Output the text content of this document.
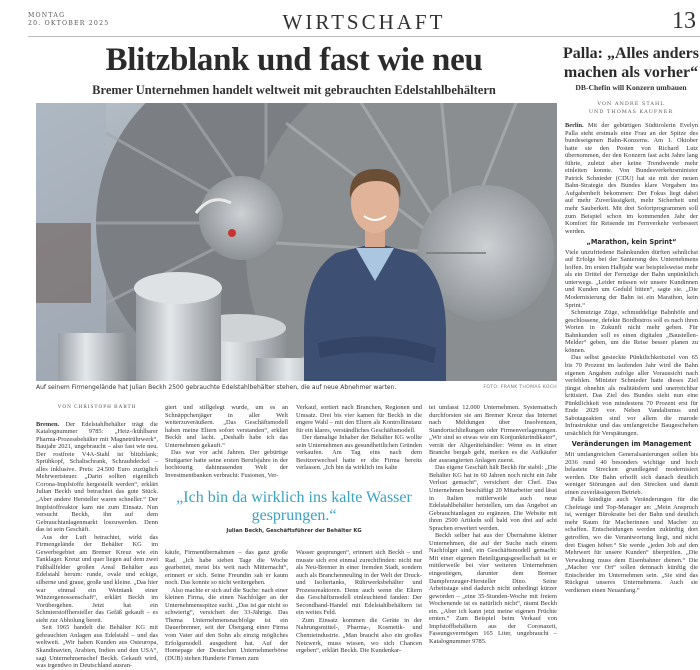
MONTAG
20. OKTOBER 2025	WIRTSCHAFT	13
Blitzblank und fast wie neu
Bremer Unternehmen handelt weltweit mit gebrauchten Edelstahlbehältern
Auf seinem Firmengelände hat Julian Beckh 2500 gebrauchte Edelstahlbehälter stehen, die auf neue Abnehmer warten.	FOTO: FRANK THOMAS KOCH
VON CHRISTOPH BARTH

Bremen. Der Edelstahlbehälter trägt die Katalognummer 9785: „Heiz-/kühlbarer Pharma-Prozessbehälter mit Magnetrührwerk“, Baujahr 2021, ungebraucht – also fast wie neu. Der rostfreie V4A-Stahl ist blitzblank; Sprühkopf, Schaltschrank, Schraubdeckel – alles inklusive. Preis: 24.500 Euro zuzüglich Mehrwertsteuer. „Darin sollten eigentlich Corona-Impfstoffe hergestellt werden“, erklärt Julian Beckh und betrachtet das gute Stück. „Aber andere Hersteller waren schneller.“ Der Impfstoffreaktor kam nie zum Einsatz. Nun versucht Beckh, ihn auf dem Gebrauchtanlagenmarkt loszuwerden. Denn das ist sein Geschäft.

Aus der Luft betrachtet, wirkt das Firmengelände der Behälter KG im Gewerbegebiet am Bremer Kreuz wie ein Tanklager. Kreuz und quer liegen auf dem zwei Fußballfelder großen Areal Behälter aus Edelstahl herum: runde, ovale und eckige, silberne und graue, große und kleine. „Das hier war einmal ein Weintank einer Winzergenossenschaft“, erklärt Beckh im Vorübergehen. Jetzt hat ein Schmierstoffhersteller das Gefäß gekauft – es steht zur Abholung bereit.

Seit 1965 handelt die Behälter KG mit gebrauchten Anlagen aus Edelstahl – und das weltweit. „Wir haben Kunden aus Osteuropa, Skandinavien, Arabien, Indien und den USA“, sagt Unternehmenschef Beckh. Gekauft wird, was irgendwo in Deutschland ausran-

giert und stillgelegt wurde, um es an Schnäppchenjäger in aller Welt weiterzuveräußern. „Das Geschäftsmodell haben meine Eltern sofort verstanden“, erklärt Beckh und lacht. „Deshalb habe ich das Unternehmen gekauft.“

Das war vor acht Jahren. Der gebürtige Stuttgarter hatte seine ersten Berufsjahre in der hochtourig dahinrasenden Welt der Investmentbanken verbracht: Fusionen, Ver-

Verkauf, sortiert nach Branchen, Regionen und Umsatz. Drei bis vier kamen für Beckh in die engere Wahl – mit den Eltern als Kontrollinstanz für ein klares, verständliches Geschäftsmodell.

Der damalige Inhaber der Behälter KG wollte sein Unternehmen aus gesundheitlichen Gründen verkaufen. Am Tag eins nach dem Besitzerwechsel hatte er die Firma bereits verlassen. „Ich bin da wirklich ins kalte

„Ich bin da wirklich ins kalte Wasser gesprungen.“
Julian Beckh, Geschäftsführer der Behälter KG

käufe, Firmenübernahmen – das ganz große Rad. „Ich habe sieben Tage die Woche gearbeitet, meist bis weit nach Mitternacht“, erinnert er sich. Seine Freundin sah er kaum noch. Das konnte so nicht weitergehen.

Also machte er sich auf die Suche: nach einer kleinen Firma, die einen Nachfolger an der Unternehmensspitze sucht. „Das ist gar nicht so schwierig“, versichert der 33-Jährige. Das Thema Unternehmensnachfolge ist ein Dauerbrenner, seit der Übergang einer Firma vom Vater auf den Sohn als einzig mögliches Erfolgsmodell ausgedient hat. Auf der Homepage der Deutschen Unternehmerbörse (DUB) stehen Hunderte Firmen zum

Wasser gesprungen“, erinnert sich Beckh – und musste sich erst einmal zurechtfinden: nicht nur als Neu-Bremer in einer fremden Stadt, sondern auch als Branchenneuling in der Welt der Druck- und Isoliertanks, Rührwerksbehälter und Prozessreaktoren. Denn auch wenn die Eltern das Geschäftsmodell einleuchtend fanden: Der Secondhand-Handel mit Edelstahlbehältern ist ein weites Feld.

Zum Einsatz kommen die Geräte in der Nahrungsmittel-, Pharma-, Kosmetik- und Chemieindustrie. „Man braucht also ein großes Netzwerk, muss wissen, wo sich Chancen ergeben“, erklärt Beckh. Die Kundenkar-

tei umfasst 12.000 Unternehmen. Systematisch durchforsten sie am Bremer Kreuz das Internet nach Meldungen über Insolvenzen, Standortschließungen oder Firmenverlagerungen. „Wir sind so etwas wie ein Konjunkturindikator“, verrät der Altgerätehändler: Wenn es in einer Branche bergab geht, merken es die Aufkäufer der ausrangierten Anlagen zuerst.

Das eigene Geschäft hält Beckh für stabil: „Die Behälter KG hat in 60 Jahren noch nicht ein Jahr Verlust gemacht“, versichert der Chef. Das Unternehmen beschäftigt 20 Mitarbeiter und lässt in Italien mittlerweile auch neue Edelstahlbehälter herstellen, um das Angebot an Gebrauchtanlagen zu ergänzen. Die Website mit ihren 2500 Artikeln soll bald von drei auf acht Sprachen erweitert werden.

Beckh selber hat aus der Übernahme kleiner Unternehmen, die auf der Suche nach einem Nachfolger sind, ein Geschäftsmodell gemacht: Mit einer eigenen Beteiligungsgesellschaft ist er mittlerweile bei vier weiteren Unternehmen eingestiegen, darunter dem Bremer Dampferzeuger-Hersteller Dino. Seine Arbeitstage sind dadurch nicht unbedingt kürzer geworden – „eine 35-Stunden-Woche mit freiem Wochenende ist es natürlich nicht“, räumt Beckh ein. „Aber ich kann jetzt meine eigenen Früchte ernten.“ Zum Beispiel beim Verkauf von Impfstoffbehältern aus der Coronazeit, Fassungsvermögen 165 Liter, ungebraucht – Katalognummer 9785.

Palla: „Alles anders machen als vorher“
DB-Chefin will Konzern umbauen
VON ANDRÉ STAHL
UND THOMAS KAUFNER

Berlin. Mit der gebürtigen Südtirolerin Evelyn Palla steht erstmals eine Frau an der Spitze des bundeseigenen Bahn-Konzerns. Am 1. Oktober hatte sie den Posten von Richard Lutz übernommen, der den Konzern fast acht Jahre lang führte, zuletzt aber keine Trendwende mehr einleiten konnte. Von Bundesverkehrsminister Patrick Schnieder (CDU) hat sie mit der neuen Bahn-Strategie des Bundes klare Vorgaben ins Aufgabenheft bekommen: Der Fokus liegt dabei auf mehr Zuverlässigkeit, mehr Sicherheit und mehr Sauberkeit. Mit drei Sofortprogrammen soll zum Beispiel schon im kommenden Jahr der Komfort für Reisende im Fernverkehr verbessert werden.

„Marathon, kein Sprint“

Viele unzufriedene Bahnkunden dürften sehnlichst auf Erfolge bei der Sanierung des Unternehmens hoffen. Im ersten Halbjahr war beispielsweise mehr als ein Drittel der Fernzüge der Bahn unpünktlich unterwegs. „Leider müssen wir unsere Kundinnen und Kunden um Geduld bitten“, sagte sie. „Die Modernisierung der Bahn ist ein Marathon, kein Sprint.“

Schmutzige Züge, schmuddelige Bahnhöfe und geschlossene, defekte Bordbistros soll es nach ihren Worten in Zukunft nicht mehr geben. Für Bahnkunden soll es einen digitalen „Baustellen-Melder“ geben, um die Reise besser planen zu können.

Das selbst gesteckte Pünktlichkeitsziel von 65 bis 70 Prozent im laufenden Jahr wird die Bahn eigenen Angaben zufolge aller Voraussicht nach verfehlen. Minister Schnieder hatte dieses Ziel jüngst ohnehin als realitätsfern und unerreichbar kritisiert. Das Ziel des Bundes sieht nun eine Pünktlichkeit von mindestens 70 Prozent erst für Ende 2029 vor. Neben Vandalismus und Sabotageakten sind vor allem die marode Infrastruktur und das umfangreiche Baugeschehen ursächlich für Verspätungen.

Veränderungen im Management

Mit umfangreichen Generalsanierungen sollen bis 2036 rund 40 besonders wichtige und hoch belastete Strecken grundlegend modernisiert werden. Die Bahn erhofft sich danach deutlich weniger Störungen auf den Strecken und damit einen zuverlässigeren Betrieb.

Palla kündigte auch Veränderungen für die Chefetage und Top-Manager an: „Mein Anspruch ist, weniger Bürokratie bei der Bahn und deutlich mehr Raum für Macherinnen und Macher zu schaffen. Entscheidungen werden zukünftig dort getroffen, wo die Verantwortung liegt, und nicht drei Etagen höher.“ Sie werde „jeden Job auf den Mehrwert für unsere Kunden“ überprüfen. „Die Verwaltung muss dem Eisenbahner dienen.“ Die „Macher vor Ort“ sollen demnach künftig die Entscheider im Unternehmen sein. „Sie sind das Rückgrat unseres Unternehmens. Auch sie verdienen einen Neuanfang.“
